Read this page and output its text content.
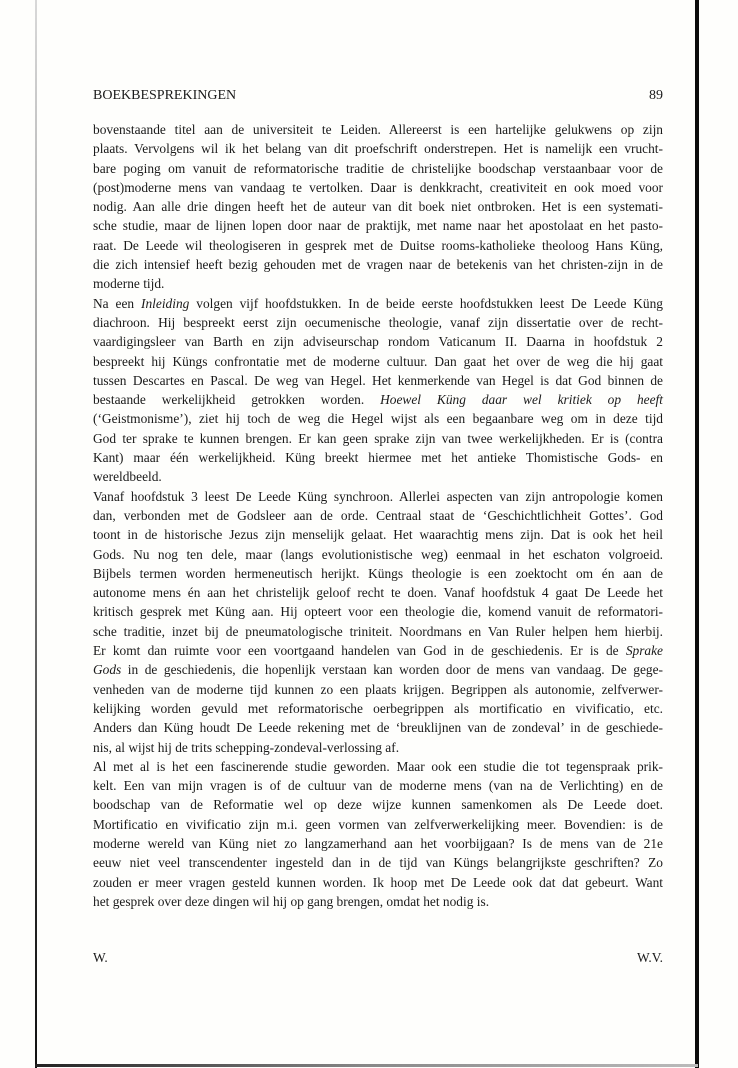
BOEKBESPREKINGEN	89
bovenstaande titel aan de universiteit te Leiden. Allereerst is een hartelijke gelukwens op zijn
plaats. Vervolgens wil ik het belang van dit proefschrift onderstrepen. Het is namelijk een vrucht-
bare poging om vanuit de reformatorische traditie de christelijke boodschap verstaanbaar voor de
(post)moderne mens van vandaag te vertolken. Daar is denkkracht, creativiteit en ook moed voor
nodig. Aan alle drie dingen heeft het de auteur van dit boek niet ontbroken. Het is een systemati-
sche studie, maar de lijnen lopen door naar de praktijk, met name naar het apostolaat en het pasto-
raat. De Leede wil theologiseren in gesprek met de Duitse rooms-katholieke theoloog Hans Küng,
die zich intensief heeft bezig gehouden met de vragen naar de betekenis van het christen-zijn in de
moderne tijd.
Na een Inleiding volgen vijf hoofdstukken. In de beide eerste hoofdstukken leest De Leede Küng
diachroon. Hij bespreekt eerst zijn oecumenische theologie, vanaf zijn dissertatie over de recht-
vaardigingsleer van Barth en zijn adviseurschap rondom Vaticanum II. Daarna in hoofdstuk 2
bespreekt hij Küngs confrontatie met de moderne cultuur. Dan gaat het over de weg die hij gaat
tussen Descartes en Pascal. De weg van Hegel. Het kenmerkende van Hegel is dat God binnen de
bestaande werkelijkheid getrokken worden. Hoewel Küng daar wel kritiek op heeft
(‘Geistmonisme’), ziet hij toch de weg die Hegel wijst als een begaanbare weg om in deze tijd
God ter sprake te kunnen brengen. Er kan geen sprake zijn van twee werkelijkheden. Er is (contra
Kant) maar één werkelijkheid. Küng breekt hiermee met het antieke Thomistische Gods- en
wereldbeeld.
Vanaf hoofdstuk 3 leest De Leede Küng synchroon. Allerlei aspecten van zijn antropologie komen
dan, verbonden met de Godsleer aan de orde. Centraal staat de ‘Geschichtlichheit Gottes’. God
toont in de historische Jezus zijn menselijk gelaat. Het waarachtig mens zijn. Dat is ook het heil
Gods. Nu nog ten dele, maar (langs evolutionistische weg) eenmaal in het eschaton volgroeid.
Bijbels termen worden hermeneutisch herijkt. Küngs theologie is een zoektocht om én aan de
autonome mens én aan het christelijk geloof recht te doen. Vanaf hoofdstuk 4 gaat De Leede het
kritisch gesprek met Küng aan. Hij opteert voor een theologie die, komend vanuit de reformatori-
sche traditie, inzet bij de pneumatologische triniteit. Noordmans en Van Ruler helpen hem hierbij.
Er komt dan ruimte voor een voortgaand handelen van God in de geschiedenis. Er is de Sprake
Gods in de geschiedenis, die hopenlijk verstaan kan worden door de mens van vandaag. De gege-
venheden van de moderne tijd kunnen zo een plaats krijgen. Begrippen als autonomie, zelfverwer-
kelijking worden gevuld met reformatorische oerbegrippen als mortificatio en vivificatio, etc.
Anders dan Küng houdt De Leede rekening met de ‘breuklijnen van de zondeval’ in de geschiede-
nis, al wijst hij de trits schepping-zondeval-verlossing af.
Al met al is het een fascinerende studie geworden. Maar ook een studie die tot tegenspraak prik-
kelt. Een van mijn vragen is of de cultuur van de moderne mens (van na de Verlichting) en de
boodschap van de Reformatie wel op deze wijze kunnen samenkomen als De Leede doet.
Mortificatio en vivificatio zijn m.i. geen vormen van zelfverwerkelijking meer. Bovendien: is de
moderne wereld van Küng niet zo langzamerhand aan het voorbijgaan? Is de mens van de 21e
eeuw niet veel transcendenter ingesteld dan in de tijd van Küngs belangrijkste geschriften? Zo
zouden er meer vragen gesteld kunnen worden. Ik hoop met De Leede ook dat dat gebeurt. Want
het gesprek over deze dingen wil hij op gang brengen, omdat het nodig is.
W.	W.V.
